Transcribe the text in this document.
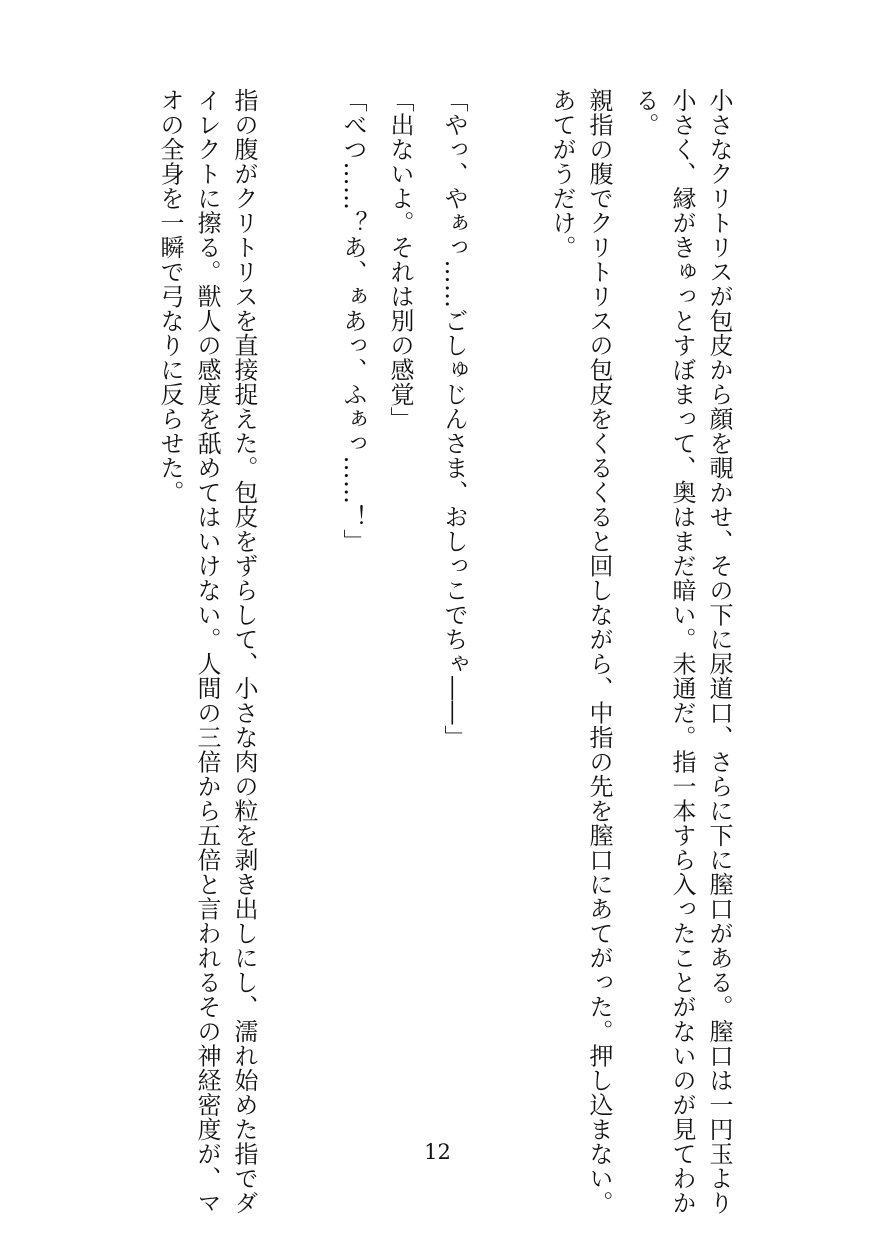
小さなクリトリスが包皮から顔を覗かせ、その下に尿道口、さらに下に膣口がある。膣口は一円玉より
小さく、縁がきゅっとすぼまって、奥はまだ暗い。未通だ。指一本すら入ったことがないのが見てわか
る。
親指の腹でクリトリスの包皮をくるくると回しながら、中指の先を膣口にあてがった。押し込まない。
あてがうだけ。
「やっ、やぁっ……ごしゅじんさま、おしっこでちゃ――」
「出ないよ。それは別の感覚」
「べつ……？あ、ぁあっ、ふぁっ……！」
指の腹がクリトリスを直接捉えた。包皮をずらして、小さな肉の粒を剥き出しにし、濡れ始めた指でダ
イレクトに擦る。獣人の感度を舐めてはいけない。人間の三倍から五倍と言われるその神経密度が、マ
オの全身を一瞬で弓なりに反らせた。
12
